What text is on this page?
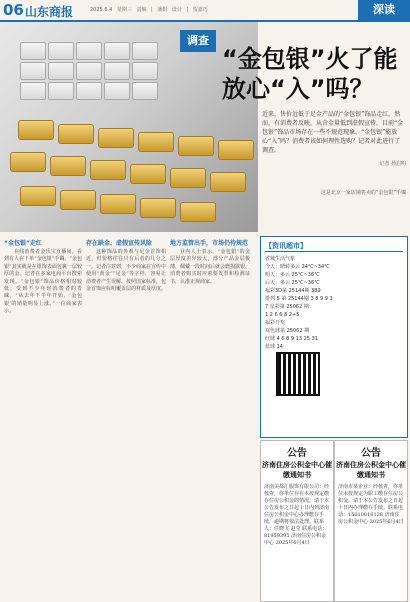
06 山东商报	2025.6.4 星期三 责编 | 潘娟 设计 | 贺嘉巧	深读
调查
“金包银”火了能放心“入”吗？
近来，售价远低于足金产品的“金包银”饰品走红。然而，有消费者反映，从含金量低到虚假宣传，目前“金包银”饰品市场存在一些不规范现象。“金包银”能放心“入”吗？消费者该如何理性选购？记者对此进行了调查。
记者 孙启明
这是北京一家店铺售卖的“金包银”手镯

“金包银”走红

在线消费者金乐宝直播间，看到有人在下单“金包银”手镯。“金包银”其实就是在银饰表面包裹一层较厚的金。记者在多家电商平台搜索发现，“金包银”饰品价格相对较低，受到不少年轻消费者的青睐。“从去年下半年开始，‘金包银’的销量明显上涨。”一位商家表示。

存在缺金、虚假宣传风险

这种饰品的外观与足金首饰相近，但价格往往只有后者的几分之一。记者注意到，不少商家在宣传中使用“黄金”“足金”等字样，容易让消费者产生误解。按照国家标准，包金首饰应标明覆盖层的材质及厚度。

地方监管出手，市场仍待规范

业内人士表示，“金包银”的金层厚度差异较大，部分产品金层极薄，佩戴一段时间后就会磨损露银。消费者购买时应索要发票和检测证书，认准正规商家。

【资讯超市】
省城生活气象
今天：晴转多云 24℃~34℃
明天：多云 25℃~36℃
后天：多云 25℃~36℃
福彩3D第 25144期 389
排列 5 第 25144期 3 8 9 9 3
7 星彩第 25062 期：
1 2 6 6 8 2+5
福彩开奖
双色球第 25062 期
红球 4 6 8 9 13 25 31
蓝球 14
公告
济南住房公积金中心催缴通知书
济南美都汇服饰有限公司：经核查，你单位存在未按规定缴存住房公积金的情况。请于本公告发布之日起十日内到济南住房公积金中心办理缴存手续，逾期将依法处理。联系人：任晓飞 赵莹 联系电话：81959395 济南住房公积金中心 2025年6月4日
公告
济南住房公积金中心催缴通知书
济南市某企业：经核查，你单位未按规定为职工缴存住房公积金。请于本公告发布之日起十日内办理缴存手续。联系电话：15010016128 济南住房公积金中心 2025年6月4日
